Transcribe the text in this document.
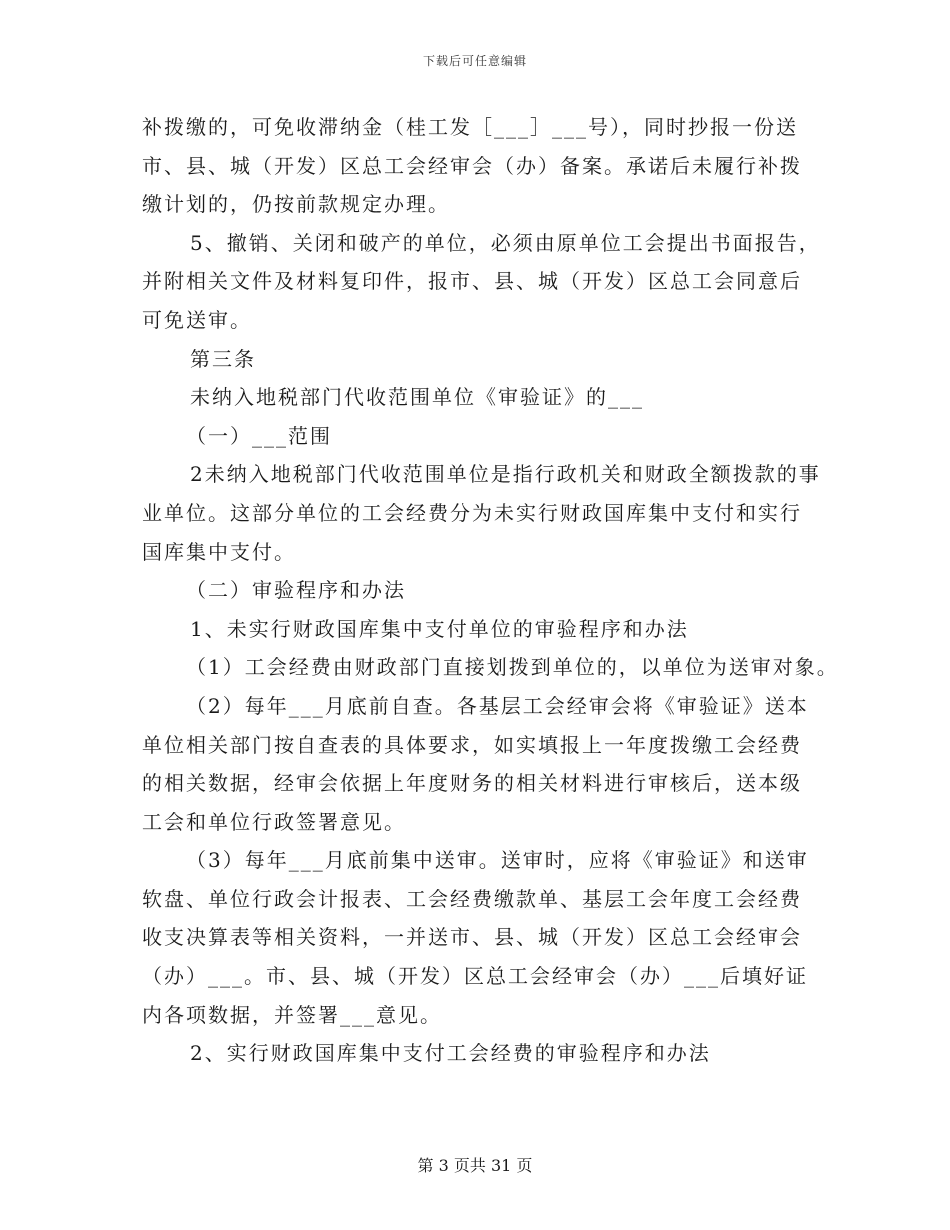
下载后可任意编辑
补拨缴的，可免收滞纳金（桂工发［___］___号），同时抄报一份送
市、县、城（开发）区总工会经审会（办）备案。承诺后未履行补拨
缴计划的，仍按前款规定办理。
5、撤销、关闭和破产的单位，必须由原单位工会提出书面报告，
并附相关文件及材料复印件，报市、县、城（开发）区总工会同意后
可免送审。
第三条
未纳入地税部门代收范围单位《审验证》的___
（一）___范围
2未纳入地税部门代收范围单位是指行政机关和财政全额拨款的事
业单位。这部分单位的工会经费分为未实行财政国库集中支付和实行
国库集中支付。
（二）审验程序和办法
1、未实行财政国库集中支付单位的审验程序和办法
（1）工会经费由财政部门直接划拨到单位的，以单位为送审对象。
（2）每年___月底前自查。各基层工会经审会将《审验证》送本
单位相关部门按自查表的具体要求，如实填报上一年度拨缴工会经费
的相关数据，经审会依据上年度财务的相关材料进行审核后，送本级
工会和单位行政签署意见。
（3）每年___月底前集中送审。送审时，应将《审验证》和送审
软盘、单位行政会计报表、工会经费缴款单、基层工会年度工会经费
收支决算表等相关资料，一并送市、县、城（开发）区总工会经审会
（办）___。市、县、城（开发）区总工会经审会（办）___后填好证
内各项数据，并签署___意见。
2、实行财政国库集中支付工会经费的审验程序和办法
第 3 页共 31 页
